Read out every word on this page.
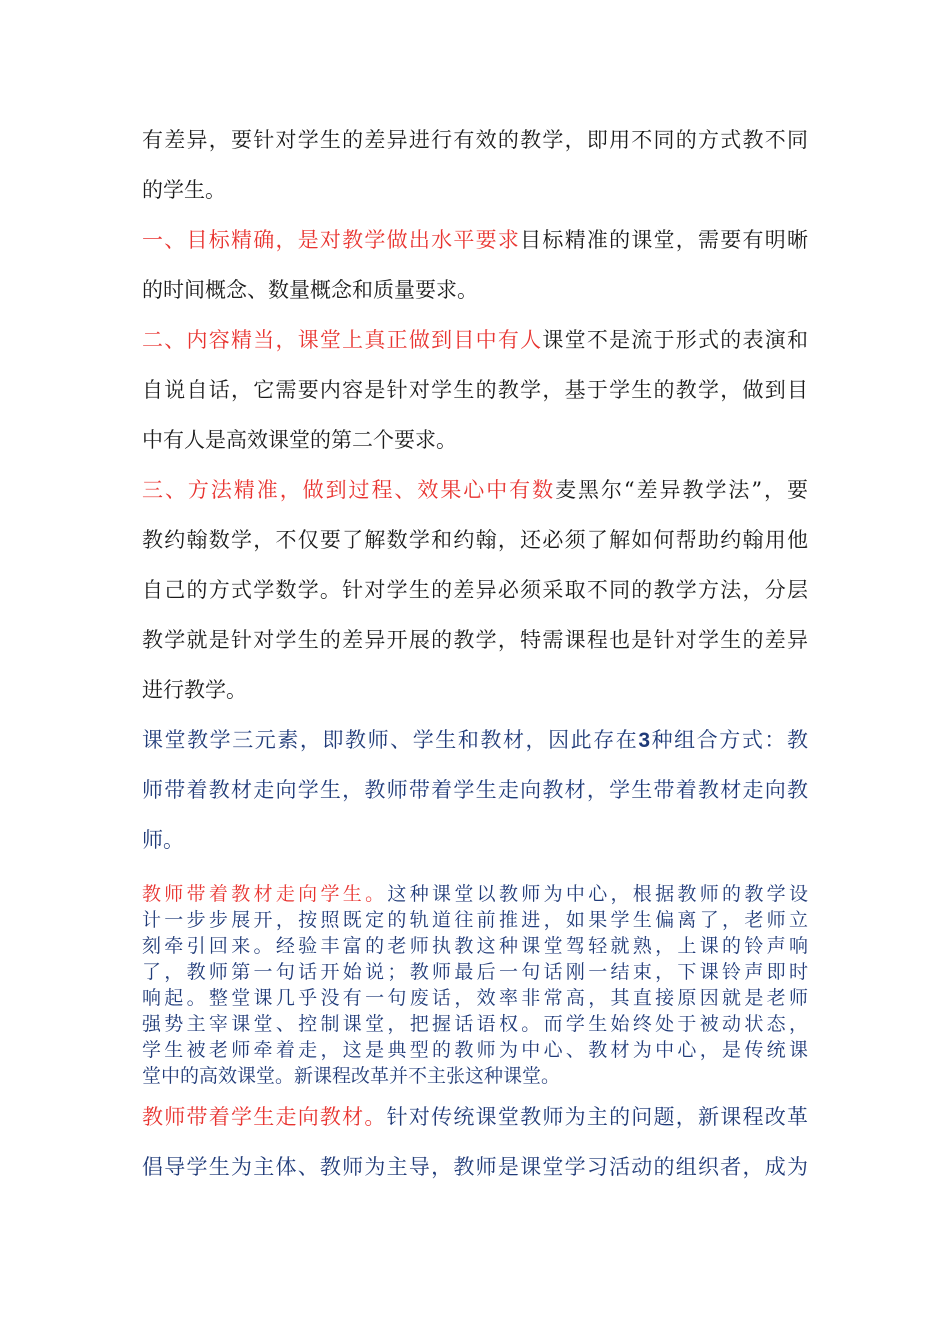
有差异，要针对学生的差异进行有效的教学，即用不同的方式教不同
的学生。
一、目标精确，是对教学做出水平要求目标精准的课堂，需要有明晰
的时间概念、数量概念和质量要求。
二、内容精当，课堂上真正做到目中有人课堂不是流于形式的表演和
自说自话，它需要内容是针对学生的教学，基于学生的教学，做到目
中有人是高效课堂的第二个要求。
三、方法精准，做到过程、效果心中有数麦黑尔“差异教学法”，要
教约翰数学，不仅要了解数学和约翰，还必须了解如何帮助约翰用他
自己的方式学数学。针对学生的差异必须采取不同的教学方法，分层
教学就是针对学生的差异开展的教学，特需课程也是针对学生的差异
进行教学。
课堂教学三元素，即教师、学生和教材，因此存在3种组合方式：教
师带着教材走向学生，教师带着学生走向教材，学生带着教材走向教
师。
教师带着教材走向学生。这种课堂以教师为中心，根据教师的教学设
计一步步展开，按照既定的轨道往前推进，如果学生偏离了，老师立
刻牵引回来。经验丰富的老师执教这种课堂驾轻就熟，上课的铃声响
了，教师第一句话开始说；教师最后一句话刚一结束，下课铃声即时
响起。整堂课几乎没有一句废话，效率非常高，其直接原因就是老师
强势主宰课堂、控制课堂，把握话语权。而学生始终处于被动状态，
学生被老师牵着走，这是典型的教师为中心、教材为中心，是传统课
堂中的高效课堂。新课程改革并不主张这种课堂。
教师带着学生走向教材。针对传统课堂教师为主的问题，新课程改革
倡导学生为主体、教师为主导，教师是课堂学习活动的组织者，成为
